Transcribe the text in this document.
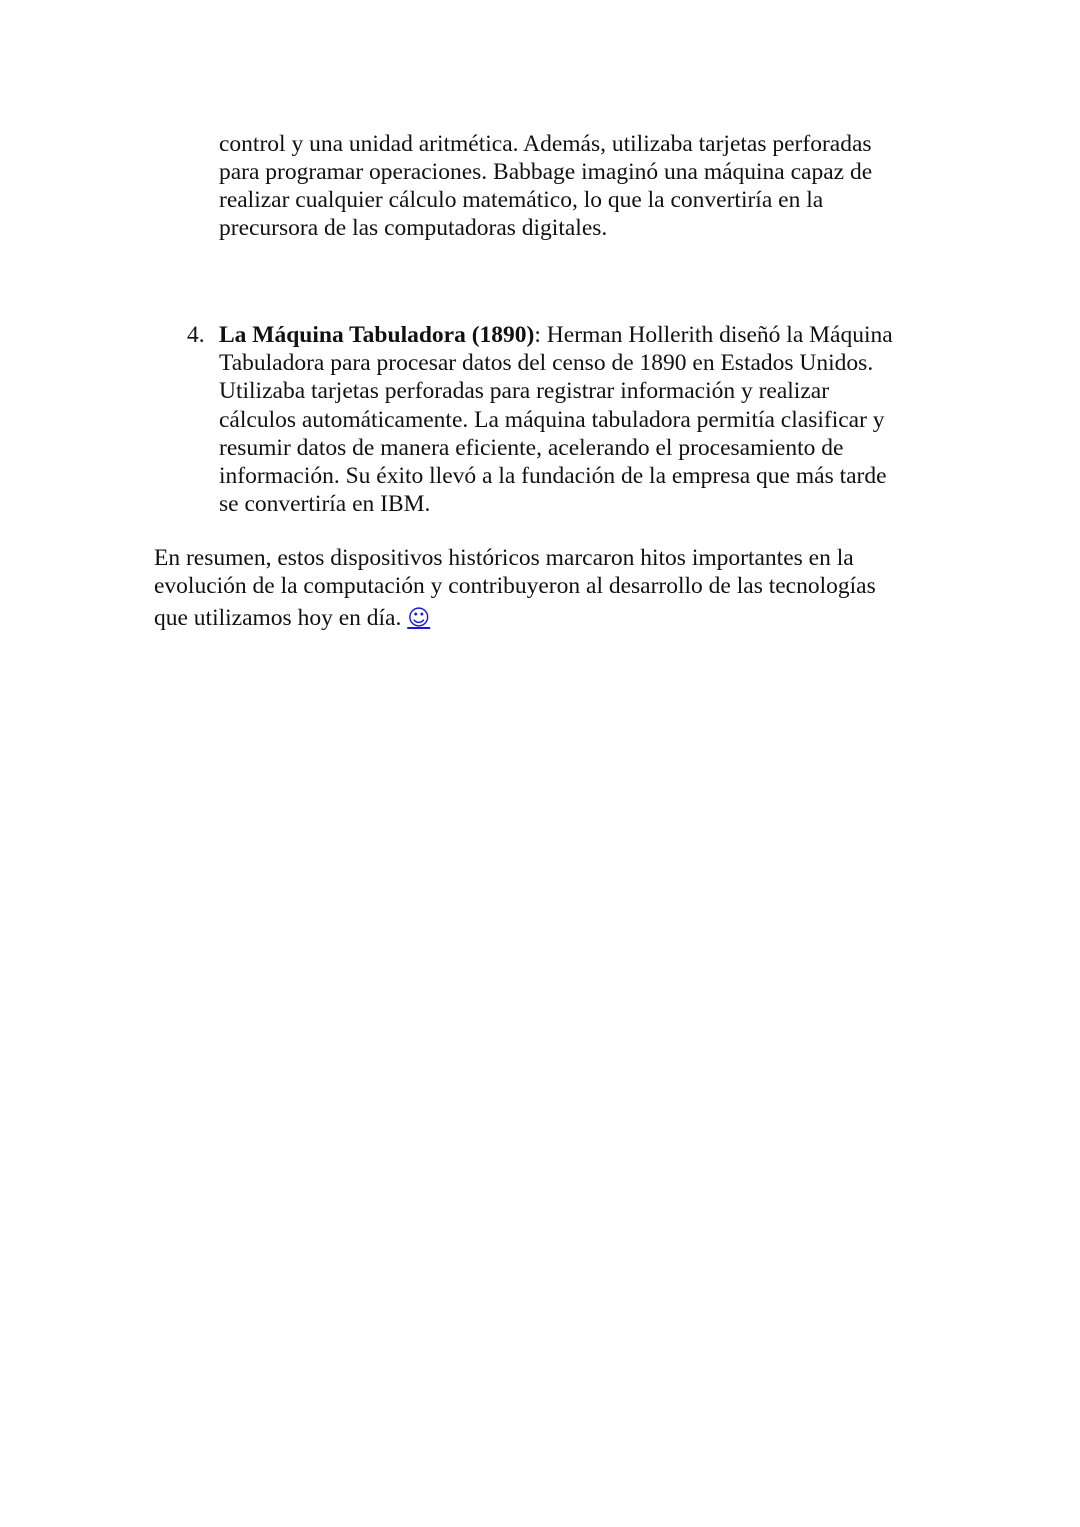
control y una unidad aritmética. Además, utilizaba tarjetas perforadas

para programar operaciones. Babbage imaginó una máquina capaz de

realizar cualquier cálculo matemático, lo que la convertiría en la

precursora de las computadoras digitales.

4. La Máquina Tabuladora (1890): Herman Hollerith diseñó la Máquina

Tabuladora para procesar datos del censo de 1890 en Estados Unidos.

Utilizaba tarjetas perforadas para registrar información y realizar

cálculos automáticamente. La máquina tabuladora permitía clasificar y

resumir datos de manera eficiente, acelerando el procesamiento de

información. Su éxito llevó a la fundación de la empresa que más tarde

se convertiría en IBM.

En resumen, estos dispositivos históricos marcaron hitos importantes en la

evolución de la computación y contribuyeron al desarrollo de las tecnologías

que utilizamos hoy en día. ☺
